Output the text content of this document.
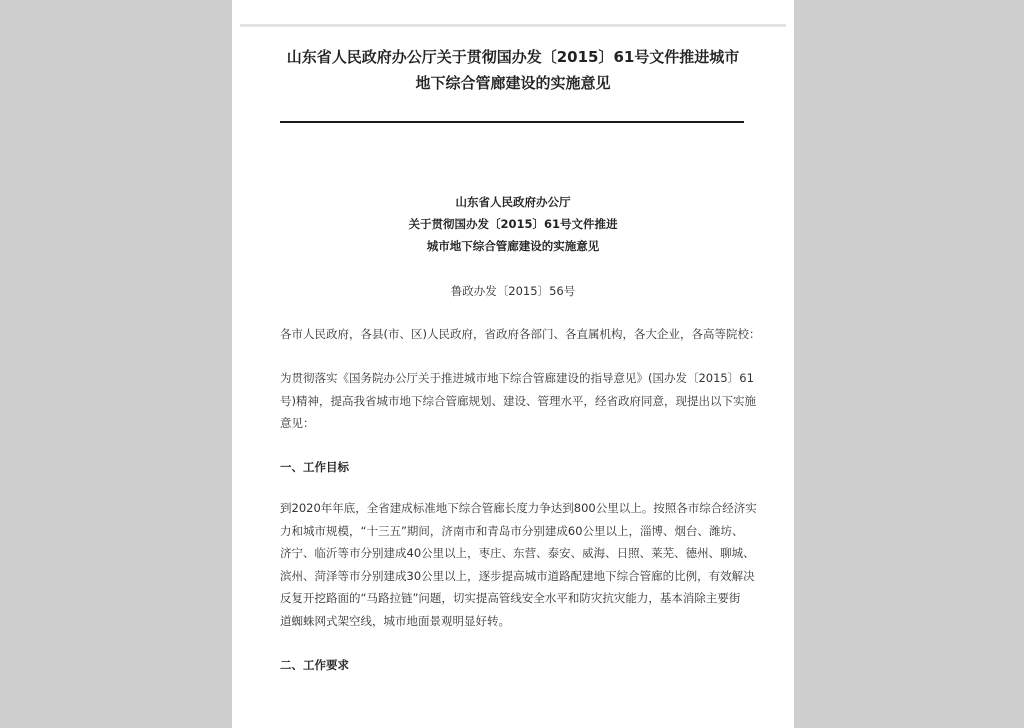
山东省人民政府办公厅关于贯彻国办发〔2015〕61号文件推进城市
地下综合管廊建设的实施意见
山东省人民政府办公厅
关于贯彻国办发〔2015〕61号文件推进
城市地下综合管廊建设的实施意见
鲁政办发〔2015〕56号
各市人民政府，各县(市、区)人民政府，省政府各部门、各直属机构，各大企业，各高等院校：
为贯彻落实《国务院办公厅关于推进城市地下综合管廊建设的指导意见》(国办发〔2015〕61
号)精神，提高我省城市地下综合管廊规划、建设、管理水平，经省政府同意，现提出以下实施
意见：
一、工作目标
到2020年年底，全省建成标准地下综合管廊长度力争达到800公里以上。按照各市综合经济实
力和城市规模，“十三五”期间，济南市和青岛市分别建成60公里以上，淄博、烟台、潍坊、
济宁、临沂等市分别建成40公里以上，枣庄、东营、泰安、威海、日照、莱芜、德州、聊城、
滨州、菏泽等市分别建成30公里以上，逐步提高城市道路配建地下综合管廊的比例，有效解决
反复开挖路面的“马路拉链”问题，切实提高管线安全水平和防灾抗灾能力，基本消除主要街
道蜘蛛网式架空线，城市地面景观明显好转。
二、工作要求
